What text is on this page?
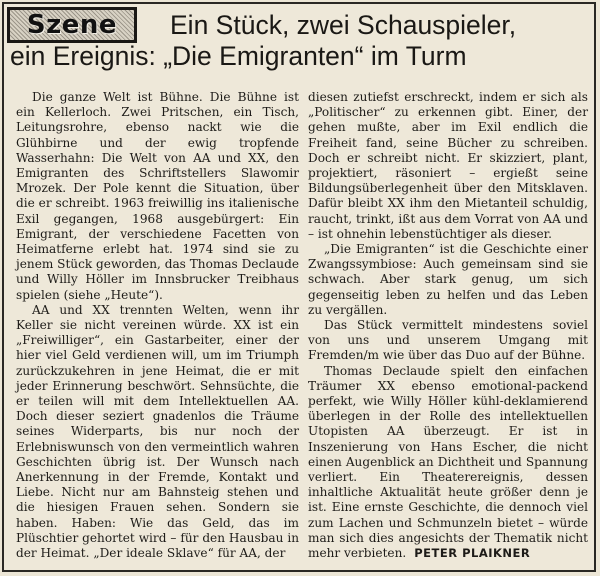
Szene Ein Stück, zwei Schauspieler,
ein Ereignis: „Die Emigranten“ im Turm

Die ganze Welt ist Bühne. Die Bühne ist ein Kellerloch. Zwei Pritschen, ein Tisch, Leitungsrohre, ebenso nackt wie die Glühbirne und der ewig tropfende Wasserhahn: Die Welt von AA und XX, den Emigranten des Schriftstellers Slawomir Mrozek. Der Pole kennt die Situation, über die er schreibt. 1963 freiwillig ins italienische Exil gegangen, 1968 ausgebürgert: Ein Emigrant, der verschiedene Facetten von Heimatferne erlebt hat. 1974 sind sie zu jenem Stück geworden, das Thomas Declaude und Willy Höller im Innsbrucker Treibhaus spielen (siehe „Heute“).

AA und XX trennten Welten, wenn ihr Keller sie nicht vereinen würde. XX ist ein „Freiwilliger“, ein Gastarbeiter, einer der hier viel Geld verdienen will, um im Triumph zurückzukehren in jene Heimat, die er mit jeder Erinnerung beschwört. Sehnsüchte, die er teilen will mit dem Intellektuellen AA. Doch dieser seziert gnadenlos die Träume seines Widerparts, bis nur noch der Erlebniswunsch von den vermeintlich wahren Geschichten übrig ist. Der Wunsch nach Anerkennung in der Fremde, Kontakt und Liebe. Nicht nur am Bahnsteig stehen und die hiesigen Frauen sehen. Sondern sie haben. Haben: Wie das Geld, das im Plüschtier gehortet wird – für den Hausbau in der Heimat. „Der ideale Sklave“ für AA, der

diesen zutiefst erschreckt, indem er sich als „Politischer“ zu erkennen gibt. Einer, der gehen mußte, aber im Exil endlich die Freiheit fand, seine Bücher zu schreiben. Doch er schreibt nicht. Er skizziert, plant, projektiert, räsoniert – ergießt seine Bildungsüberlegenheit über den Mitsklaven. Dafür bleibt XX ihm den Mietanteil schuldig, raucht, trinkt, ißt aus dem Vorrat von AA und – ist ohnehin lebenstüchtiger als dieser.

„Die Emigranten“ ist die Geschichte einer Zwangssymbiose: Auch gemeinsam sind sie schwach. Aber stark genug, um sich gegenseitig leben zu helfen und das Leben zu vergällen.

Das Stück vermittelt mindestens soviel von uns und unserem Umgang mit Fremden/m wie über das Duo auf der Bühne.

Thomas Declaude spielt den einfachen Träumer XX ebenso emotional-packend perfekt, wie Willy Höller kühl-deklamierend überlegen in der Rolle des intellektuellen Utopisten AA überzeugt. Er ist in Inszenierung von Hans Escher, die nicht einen Augenblick an Dichtheit und Spannung verliert. Ein Theaterereignis, dessen inhaltliche Aktualität heute größer denn je ist. Eine ernste Geschichte, die dennoch viel zum Lachen und Schmunzeln bietet – würde man sich dies angesichts der Thematik nicht mehr verbieten. PETER PLAIKNER
